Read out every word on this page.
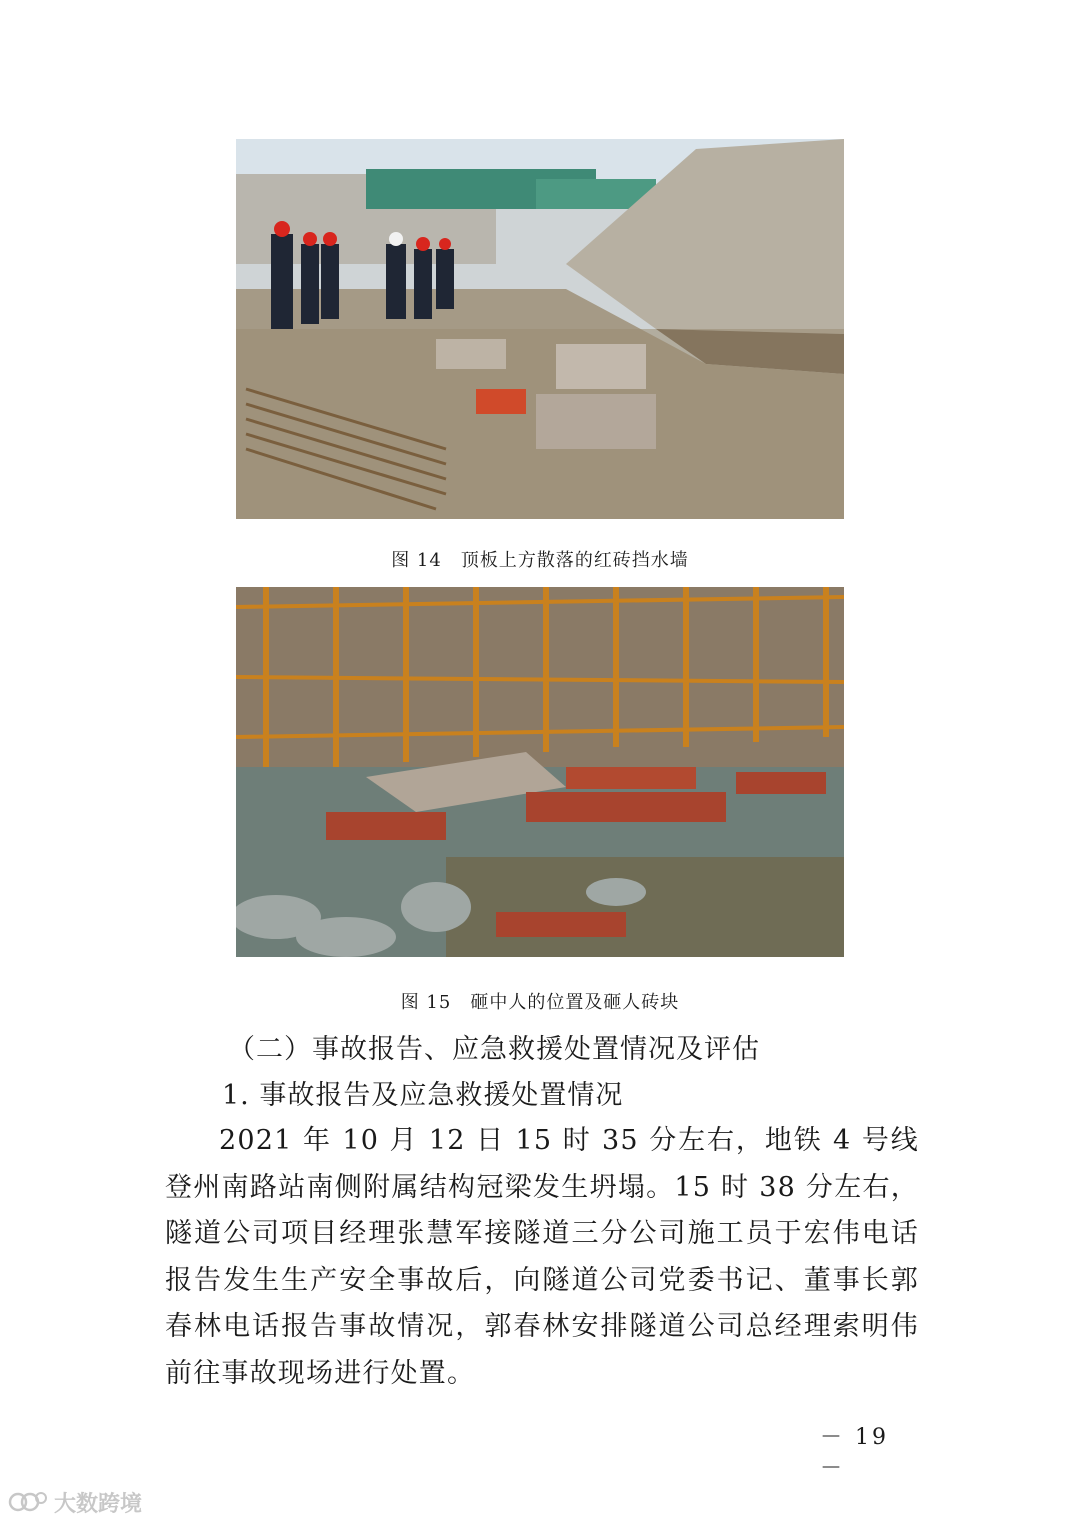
图 14　顶板上方散落的红砖挡水墙
图 15　砸中人的位置及砸人砖块
（二）事故报告、应急救援处置情况及评估
1. 事故报告及应急救援处置情况
2021 年 10 月 12 日 15 时 35 分左右，地铁 4 号线登州南路站南侧附属结构冠梁发生坍塌。15 时 38 分左右，隧道公司项目经理张慧军接隧道三分公司施工员于宏伟电话报告发生生产安全事故后，向隧道公司党委书记、董事长郭春林电话报告事故情况，郭春林安排隧道公司总经理索明伟前往事故现场进行处置。
－ 19 －
大数跨境
